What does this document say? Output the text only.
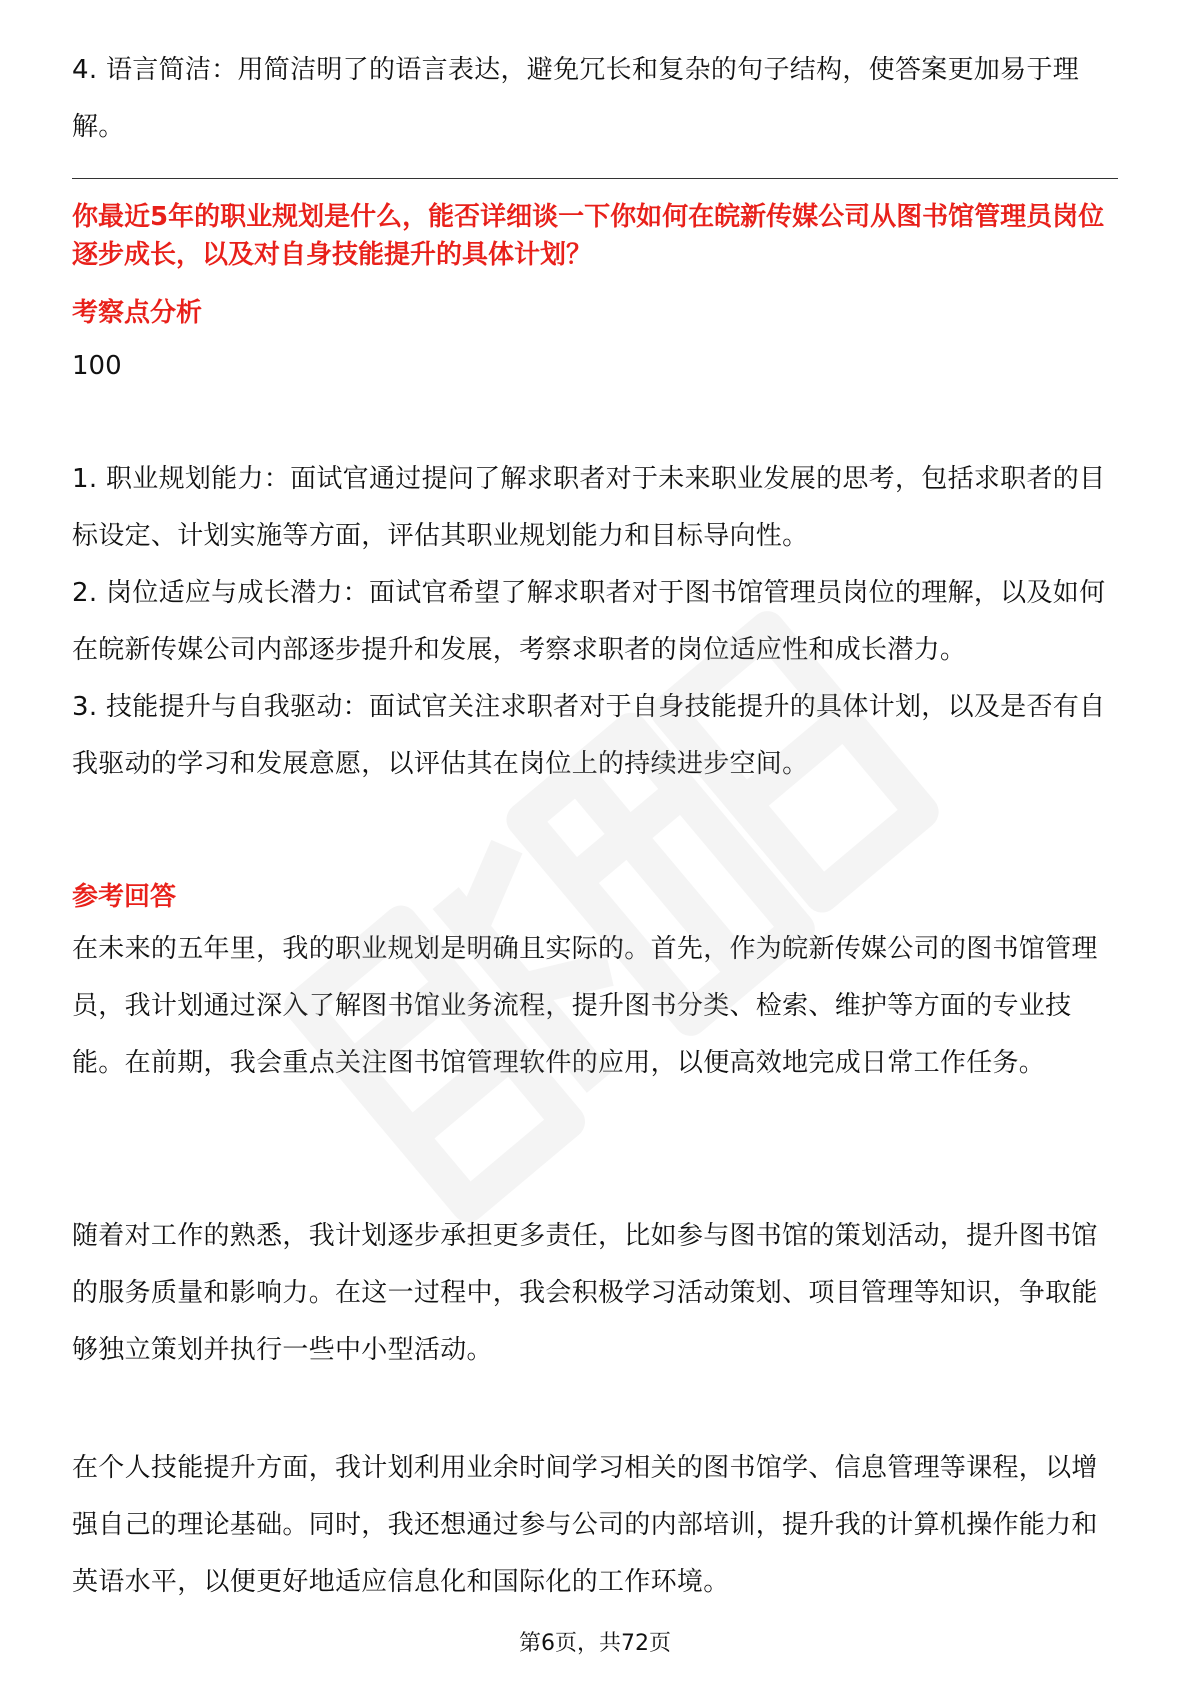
4. 语言简洁：用简洁明了的语言表达，避免冗长和复杂的句子结构，使答案更加易于理解。

你最近5年的职业规划是什么，能否详细谈一下你如何在皖新传媒公司从图书馆管理员岗位逐步成长，以及对自身技能提升的具体计划？

考察点分析

100

1. 职业规划能力：面试官通过提问了解求职者对于未来职业发展的思考，包括求职者的目标设定、计划实施等方面，评估其职业规划能力和目标导向性。

2. 岗位适应与成长潜力：面试官希望了解求职者对于图书馆管理员岗位的理解，以及如何在皖新传媒公司内部逐步提升和发展，考察求职者的岗位适应性和成长潜力。

3. 技能提升与自我驱动：面试官关注求职者对于自身技能提升的具体计划，以及是否有自我驱动的学习和发展意愿，以评估其在岗位上的持续进步空间。

参考回答

在未来的五年里，我的职业规划是明确且实际的。首先，作为皖新传媒公司的图书馆管理员，我计划通过深入了解图书馆业务流程，提升图书分类、检索、维护等方面的专业技能。在前期，我会重点关注图书馆管理软件的应用，以便高效地完成日常工作任务。

随着对工作的熟悉，我计划逐步承担更多责任，比如参与图书馆的策划活动，提升图书馆的服务质量和影响力。在这一过程中，我会积极学习活动策划、项目管理等知识，争取能够独立策划并执行一些中小型活动。

在个人技能提升方面，我计划利用业余时间学习相关的图书馆学、信息管理等课程，以增强自己的理论基础。同时，我还想通过参与公司的内部培训，提升我的计算机操作能力和英语水平，以便更好地适应信息化和国际化的工作环境。

第6页，共72页
